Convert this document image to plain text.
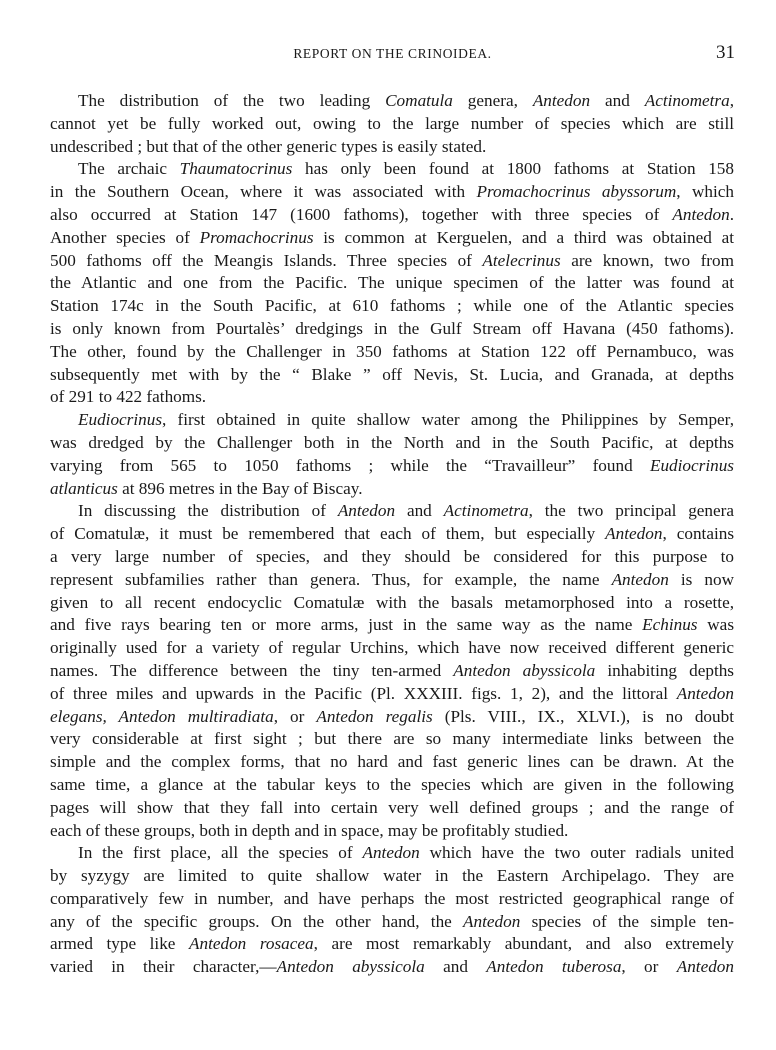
REPORT ON THE CRINOIDEA.	31
The distribution of the two leading Comatula genera, Antedon and Actinometra,
cannot yet be fully worked out, owing to the large number of species which are still
undescribed ; but that of the other generic types is easily stated.
The archaic Thaumatocrinus has only been found at 1800 fathoms at Station 158
in the Southern Ocean, where it was associated with Promachocrinus abyssorum, which
also occurred at Station 147 (1600 fathoms), together with three species of Antedon.
Another species of Promachocrinus is common at Kerguelen, and a third was obtained at
500 fathoms off the Meangis Islands. Three species of Atelecrinus are known, two from
the Atlantic and one from the Pacific. The unique specimen of the latter was found at
Station 174c in the South Pacific, at 610 fathoms ; while one of the Atlantic species
is only known from Pourtalès’ dredgings in the Gulf Stream off Havana (450 fathoms).
The other, found by the Challenger in 350 fathoms at Station 122 off Pernambuco, was
subsequently met with by the “ Blake ” off Nevis, St. Lucia, and Granada, at depths
of 291 to 422 fathoms.
Eudiocrinus, first obtained in quite shallow water among the Philippines by Semper,
was dredged by the Challenger both in the North and in the South Pacific, at depths
varying from 565 to 1050 fathoms ; while the “Travailleur” found Eudiocrinus
atlanticus at 896 metres in the Bay of Biscay.
In discussing the distribution of Antedon and Actinometra, the two principal genera
of Comatulæ, it must be remembered that each of them, but especially Antedon, contains
a very large number of species, and they should be considered for this purpose to
represent subfamilies rather than genera. Thus, for example, the name Antedon is now
given to all recent endocyclic Comatulæ with the basals metamorphosed into a rosette,
and five rays bearing ten or more arms, just in the same way as the name Echinus was
originally used for a variety of regular Urchins, which have now received different generic
names. The difference between the tiny ten-armed Antedon abyssicola inhabiting depths
of three miles and upwards in the Pacific (Pl. XXXIII. figs. 1, 2), and the littoral Antedon
elegans, Antedon multiradiata, or Antedon regalis (Pls. VIII., IX., XLVI.), is no doubt
very considerable at first sight ; but there are so many intermediate links between the
simple and the complex forms, that no hard and fast generic lines can be drawn. At the
same time, a glance at the tabular keys to the species which are given in the following
pages will show that they fall into certain very well defined groups ; and the range of
each of these groups, both in depth and in space, may be profitably studied.
In the first place, all the species of Antedon which have the two outer radials united
by syzygy are limited to quite shallow water in the Eastern Archipelago. They are
comparatively few in number, and have perhaps the most restricted geographical range of
any of the specific groups. On the other hand, the Antedon species of the simple ten-
armed type like Antedon rosacea, are most remarkably abundant, and also extremely
varied in their character,—Antedon abyssicola and Antedon tuberosa, or Antedon
